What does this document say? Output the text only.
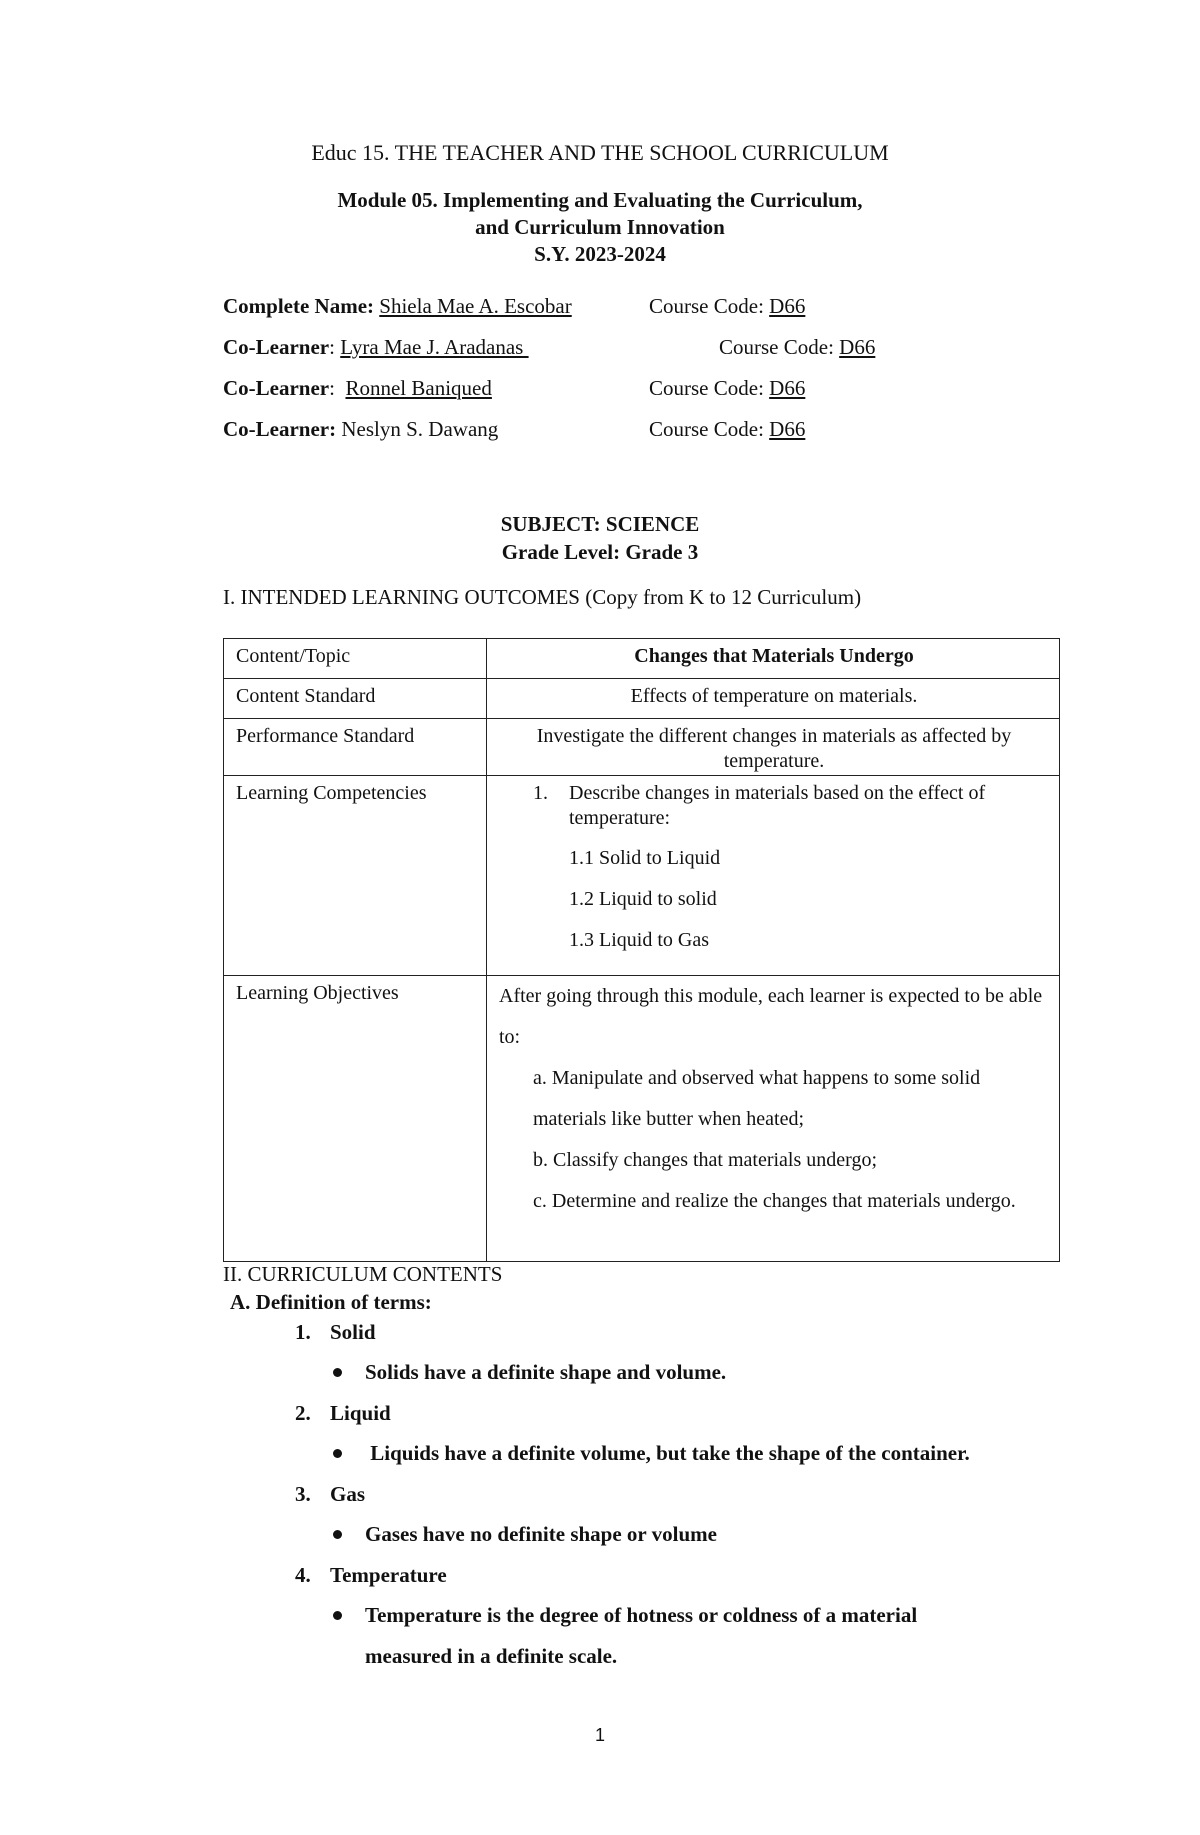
Educ 15. THE TEACHER AND THE SCHOOL CURRICULUM
Module 05. Implementing and Evaluating the Curriculum,
and Curriculum Innovation
S.Y. 2023-2024
Complete Name: Shiela Mae A. Escobar	Course Code: D66
Co-Learner: Lyra Mae J. Aradanas	Course Code: D66
Co-Learner:  Ronnel Baniqued	Course Code: D66
Co-Learner: Neslyn S. Dawang	Course Code: D66
SUBJECT: SCIENCE
Grade Level: Grade 3
I. INTENDED LEARNING OUTCOMES (Copy from K to 12 Curriculum)
Content/Topic	Changes that Materials Undergo
Content Standard	Effects of temperature on materials.
Performance Standard	Investigate the different changes in materials as affected by temperature.
Learning Competencies	1. Describe changes in materials based on the effect of temperature:
1.1 Solid to Liquid
1.2 Liquid to solid
1.3 Liquid to Gas

Learning Objectives	After going through this module, each learner is expected to be able to:
a. Manipulate and observed what happens to some solid materials like butter when heated;
b. Classify changes that materials undergo;
c. Determine and realize the changes that materials undergo.
II. CURRICULUM CONTENTS
A. Definition of terms:
1. Solid
Solids have a definite shape and volume.
2. Liquid
Liquids have a definite volume, but take the shape of the container.
3. Gas
Gases have no definite shape or volume
4. Temperature
Temperature is the degree of hotness or coldness of a material
measured in a definite scale.
1
